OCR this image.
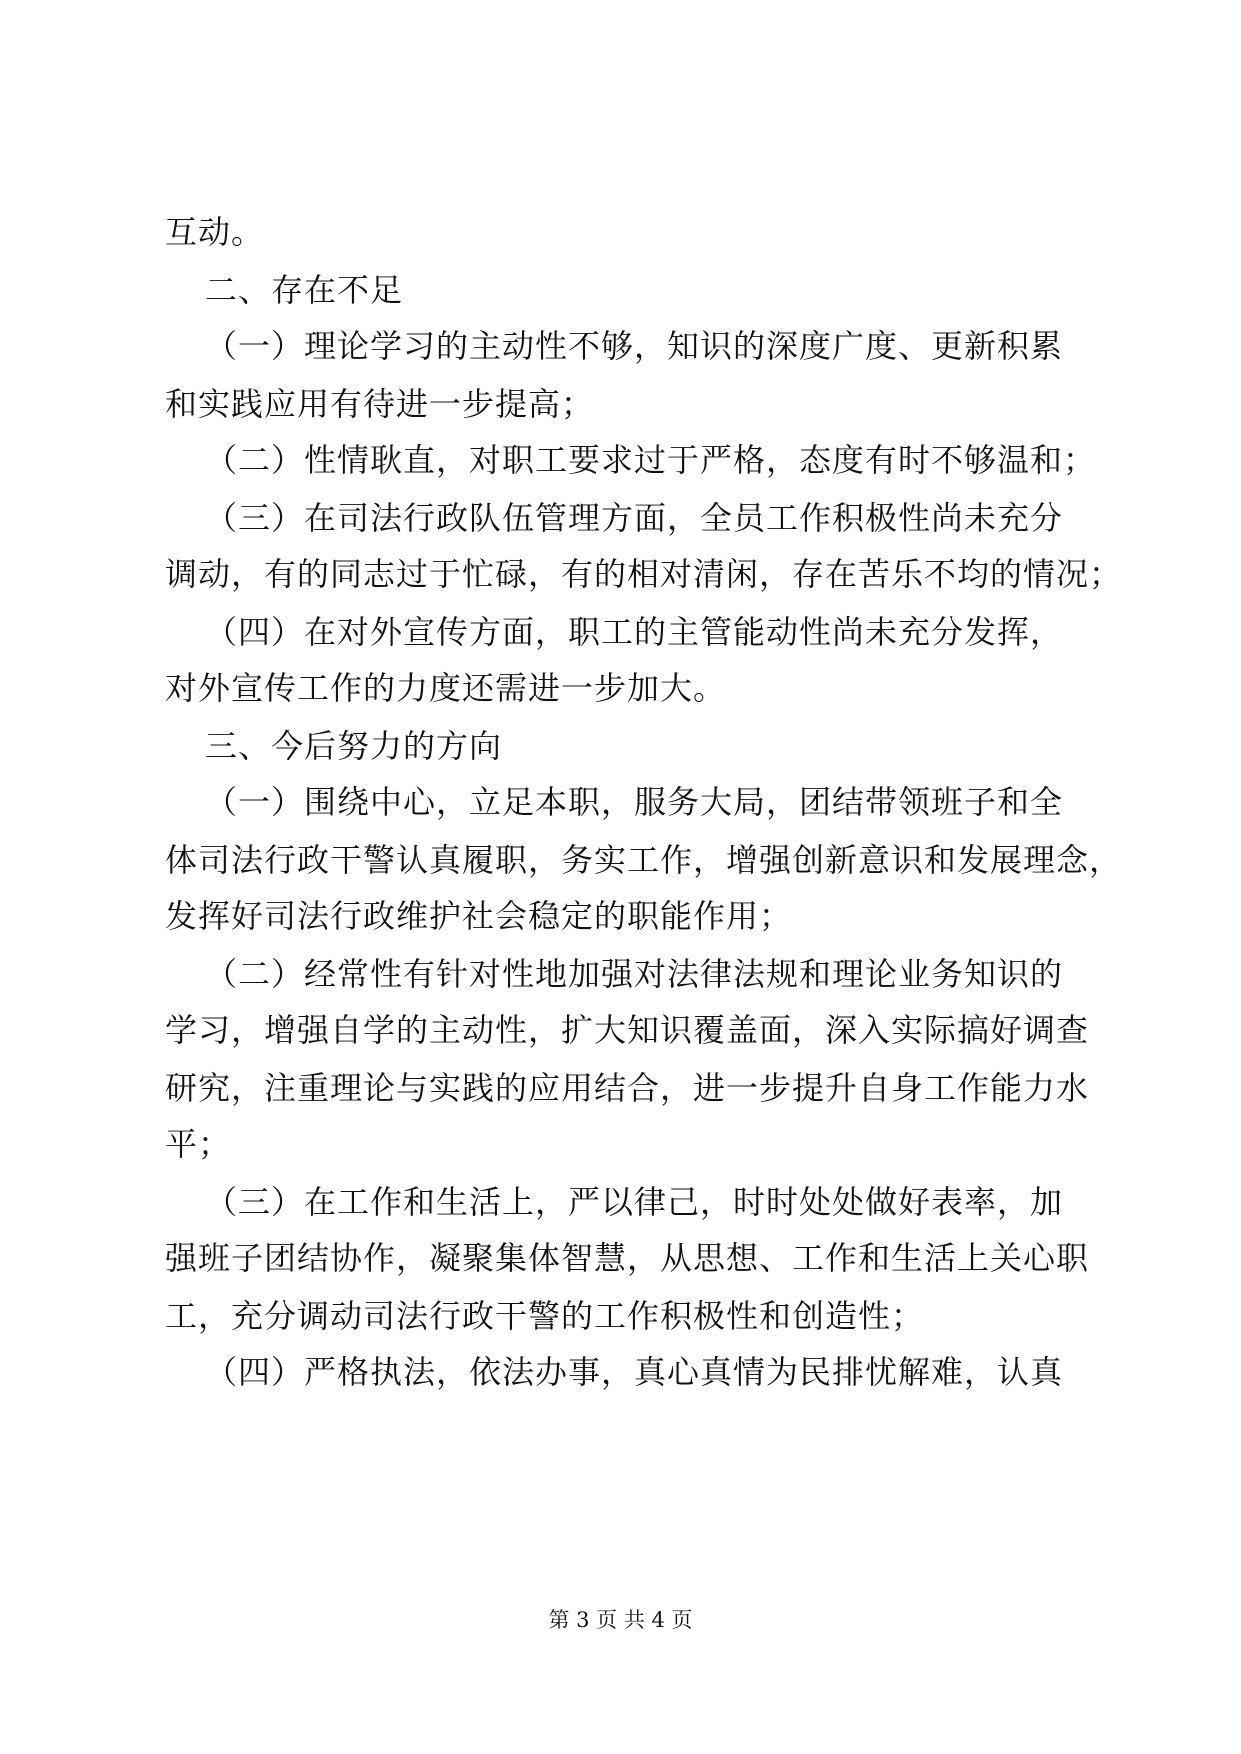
互动。
二、存在不足
（一）理论学习的主动性不够，知识的深度广度、更新积累
和实践应用有待进一步提高；
（二）性情耿直，对职工要求过于严格，态度有时不够温和；
（三）在司法行政队伍管理方面，全员工作积极性尚未充分
调动，有的同志过于忙碌，有的相对清闲，存在苦乐不均的情况；
（四）在对外宣传方面，职工的主管能动性尚未充分发挥，
对外宣传工作的力度还需进一步加大。
三、今后努力的方向
（一）围绕中心，立足本职，服务大局，团结带领班子和全
体司法行政干警认真履职，务实工作，增强创新意识和发展理念，
发挥好司法行政维护社会稳定的职能作用；
（二）经常性有针对性地加强对法律法规和理论业务知识的
学习，增强自学的主动性，扩大知识覆盖面，深入实际搞好调查
研究，注重理论与实践的应用结合，进一步提升自身工作能力水
平；
（三）在工作和生活上，严以律己，时时处处做好表率，加
强班子团结协作，凝聚集体智慧，从思想、工作和生活上关心职
工，充分调动司法行政干警的工作积极性和创造性；
（四）严格执法，依法办事，真心真情为民排忧解难，认真
第 3 页 共 4 页
